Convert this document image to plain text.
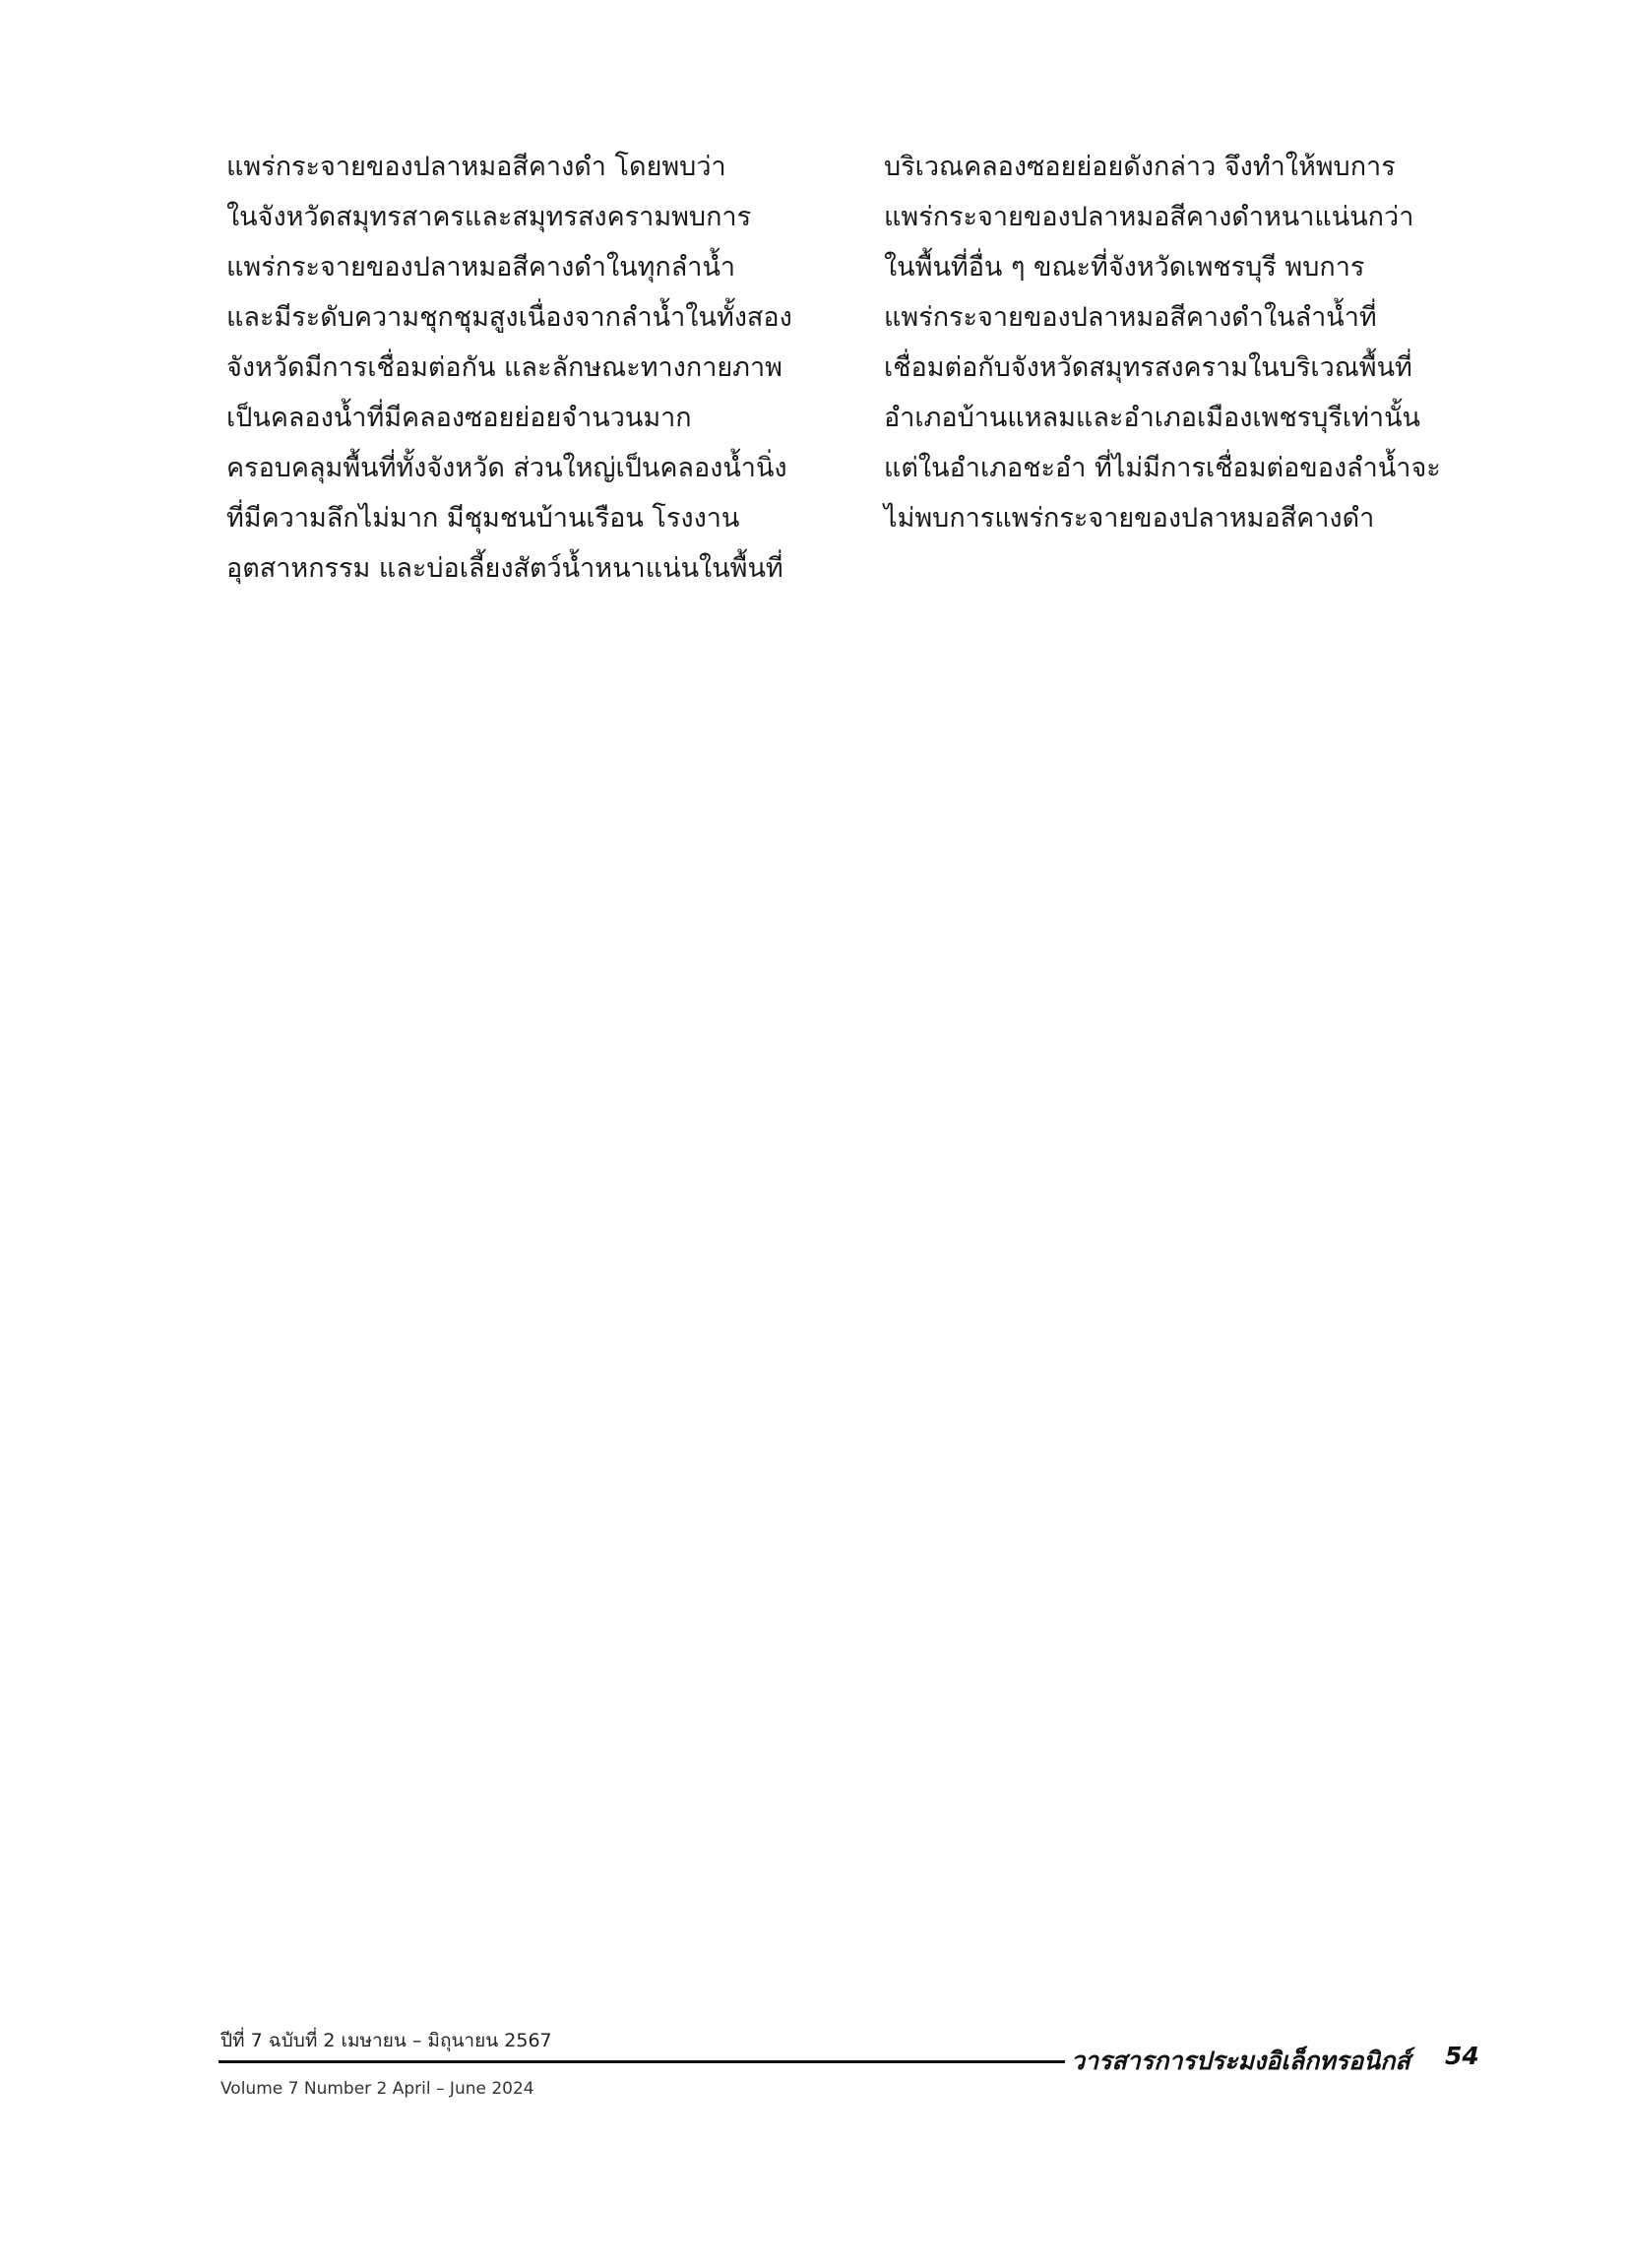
แพร่กระจายของปลาหมอสีคางดำ โดยพบว่า
ในจังหวัดสมุทรสาครและสมุทรสงครามพบการ
แพร่กระจายของปลาหมอสีคางดำในทุกลำน้ำ
และมีระดับความชุกชุมสูงเนื่องจากลำน้ำในทั้งสอง
จังหวัดมีการเชื่อมต่อกัน และลักษณะทางกายภาพ
เป็นคลองน้ำที่มีคลองซอยย่อยจำนวนมาก
ครอบคลุมพื้นที่ทั้งจังหวัด ส่วนใหญ่เป็นคลองน้ำนิ่ง
ที่มีความลึกไม่มาก มีชุมชนบ้านเรือน โรงงาน
อุตสาหกรรม และบ่อเลี้ยงสัตว์น้ำหนาแน่นในพื้นที่
บริเวณคลองซอยย่อยดังกล่าว จึงทำให้พบการ
แพร่กระจายของปลาหมอสีคางดำหนาแน่นกว่า
ในพื้นที่อื่น ๆ ขณะที่จังหวัดเพชรบุรี พบการ
แพร่กระจายของปลาหมอสีคางดำในลำน้ำที่
เชื่อมต่อกับจังหวัดสมุทรสงครามในบริเวณพื้นที่
อำเภอบ้านแหลมและอำเภอเมืองเพชรบุรีเท่านั้น
แต่ในอำเภอชะอำ ที่ไม่มีการเชื่อมต่อของลำน้ำจะ
ไม่พบการแพร่กระจายของปลาหมอสีคางดำ
ปีที่ 7 ฉบับที่ 2 เมษายน – มิถุนายน 2567
Volume 7 Number 2 April – June 2024
วารสารการประมงอิเล็กทรอนิกส์ 54
